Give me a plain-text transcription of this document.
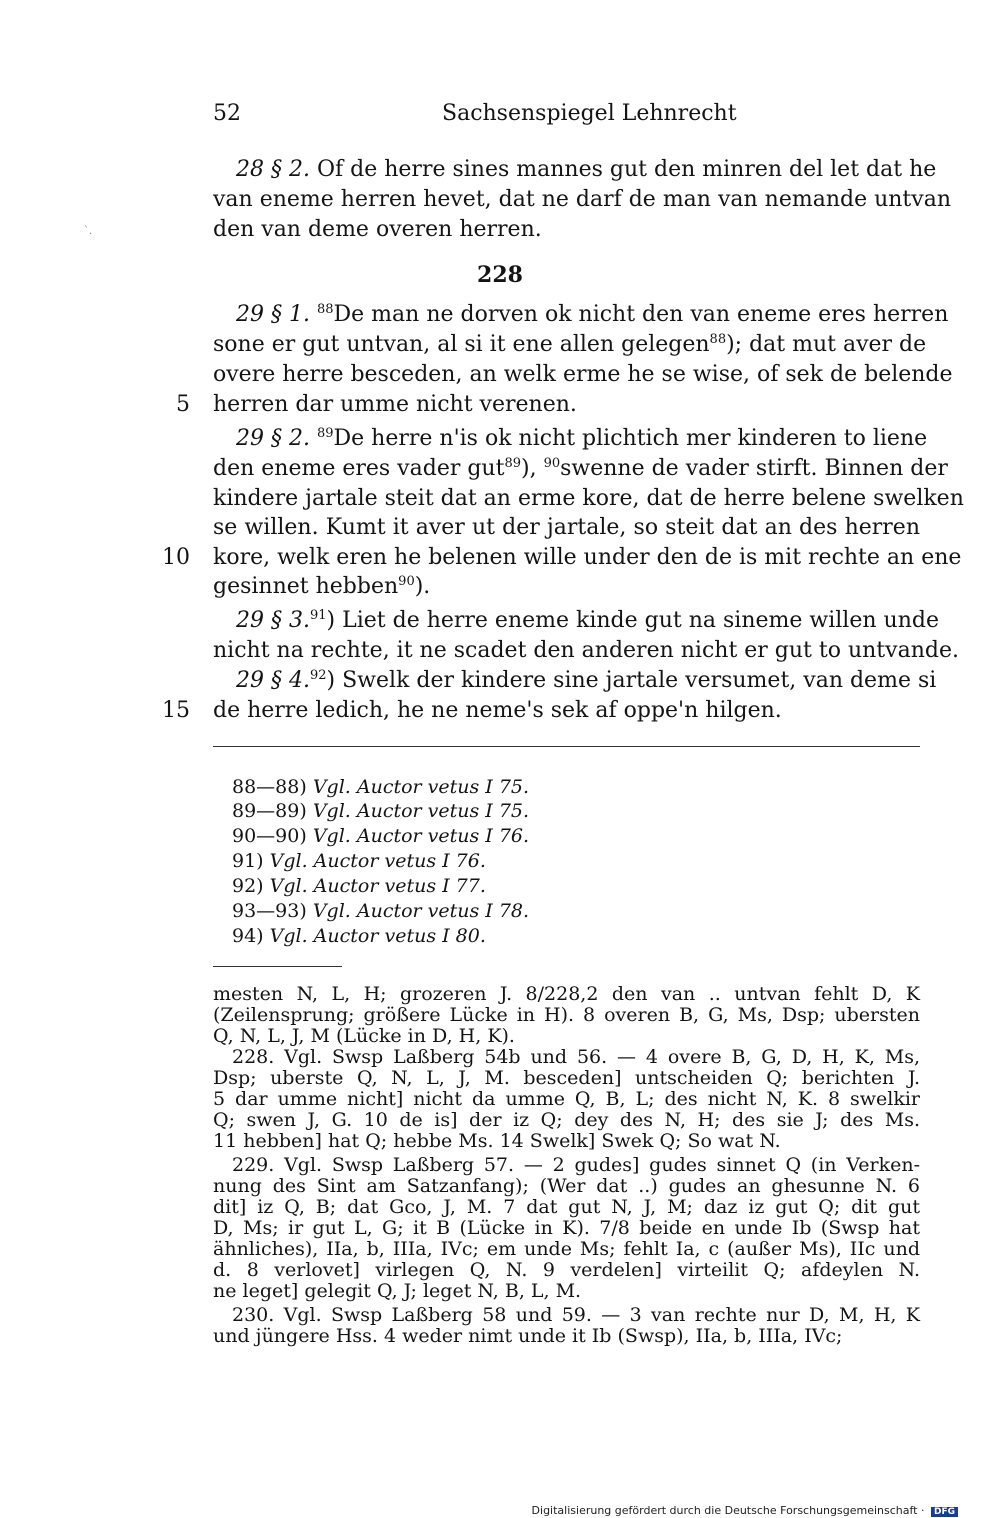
52	Sachsenspiegel Lehnrecht
ˋ.
28 § 2. Of de herre sines mannes gut den minren del let dat he
van eneme herren hevet, dat ne darf de man van nemande untvan
den van deme overen herren.
228
29 § 1. $^{88}$De man ne dorven ok nicht den van eneme eres herren
sone er gut untvan, al si it ene allen gelegen$^{88}$); dat mut aver de
overe herre besceden, an welk erme he se wise, of sek de belende
5 herren dar umme nicht verenen.
29 § 2. $^{89}$De herre n'is ok nicht plichtich mer kinderen to liene
den eneme eres vader gut$^{89}$), $^{90}$swenne de vader stirft. Binnen der
kindere jartale steit dat an erme kore, dat de herre belene swelken
se willen. Kumt it aver ut der jartale, so steit dat an des herren
10 kore, welk eren he belenen wille under den de is mit rechte an ene
gesinnet hebben$^{90}$).
29 § 3.91) Liet de herre eneme kinde gut na sineme willen unde
nicht na rechte, it ne scadet den anderen nicht er gut to untvande.
29 § 4.92) Swelk der kindere sine jartale versumet, van deme si
15 de herre ledich, he ne neme's sek af oppe'n hilgen.
88—88) Vgl. Auctor vetus I 75.
89—89) Vgl. Auctor vetus I 75.
90—90) Vgl. Auctor vetus I 76.
91) Vgl. Auctor vetus I 76.
92) Vgl. Auctor vetus I 77.
93—93) Vgl. Auctor vetus I 78.
94) Vgl. Auctor vetus I 80.
mesten N, L, H; grozeren J. 8/228,2 den van .. untvan fehlt D, K
(Zeilensprung; größere Lücke in H). 8 overen B, G, Ms, Dsp; ubersten
Q, N, L, J, M (Lücke in D, H, K).
228. Vgl. Swsp Laßberg 54b und 56. — 4 overe B, G, D, H, K, Ms,
Dsp; uberste Q, N, L, J, M. besceden] untscheiden Q; berichten J.
5 dar umme nicht] nicht da umme Q, B, L; des nicht N, K. 8 swelkir
Q; swen J, G. 10 de is] der iz Q; dey des N, H; des sie J; des Ms.
11 hebben] hat Q; hebbe Ms. 14 Swelk] Swek Q; So wat N.
229. Vgl. Swsp Laßberg 57. — 2 gudes] gudes sinnet Q (in Verken-
nung des Sint am Satzanfang); (Wer dat ..) gudes an ghesunne N. 6
dit] iz Q, B; dat Gco, J, M. 7 dat gut N, J, M; daz iz gut Q; dit gut
D, Ms; ir gut L, G; it B (Lücke in K). 7/8 beide en unde Ib (Swsp hat
ähnliches), IIa, b, IIIa, IVc; em unde Ms; fehlt Ia, c (außer Ms), IIc und
d. 8 verlovet] virlegen Q, N. 9 verdelen] virteilit Q; afdeylen N.
ne leget] gelegit Q, J; leget N, B, L, M.
230. Vgl. Swsp Laßberg 58 und 59. — 3 van rechte nur D, M, H, K
und jüngere Hss. 4 weder nimt unde it Ib (Swsp), IIa, b, IIIa, IVc;
Digitalisierung gefördert durch die Deutsche Forschungsgemeinschaft · DFG
